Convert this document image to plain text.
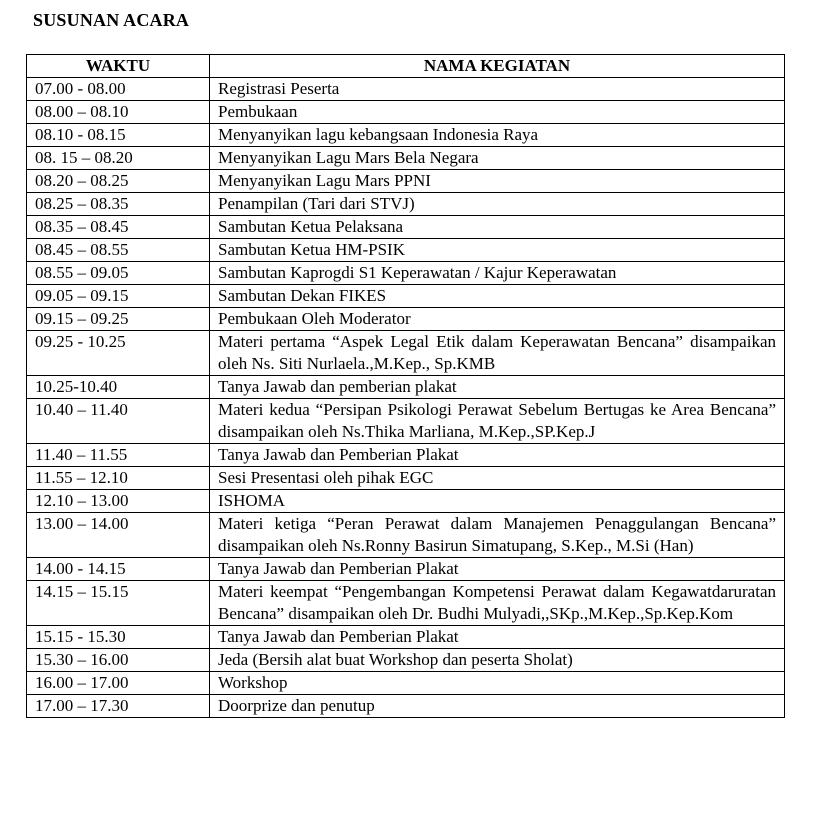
SUSUNAN ACARA
WAKTU	NAMA KEGIATAN
07.00 - 08.00	Registrasi Peserta
08.00 – 08.10	Pembukaan
08.10 - 08.15	Menyanyikan lagu kebangsaan Indonesia Raya
08. 15 – 08.20	Menyanyikan Lagu Mars Bela Negara
08.20 – 08.25	Menyanyikan Lagu Mars PPNI
08.25 – 08.35	Penampilan (Tari dari STVJ)
08.35 – 08.45	Sambutan Ketua Pelaksana
08.45 – 08.55	Sambutan Ketua HM-PSIK
08.55 – 09.05	Sambutan Kaprogdi S1 Keperawatan / Kajur Keperawatan
09.05 – 09.15	Sambutan Dekan FIKES
09.15 – 09.25	Pembukaan Oleh Moderator
09.25 - 10.25	Materi pertama “Aspek Legal Etik dalam Keperawatan Bencana” disampaikan oleh Ns. Siti Nurlaela.,M.Kep., Sp.KMB
10.25-10.40	Tanya Jawab dan pemberian plakat
10.40 – 11.40	Materi kedua “Persipan Psikologi Perawat Sebelum Bertugas ke Area Bencana” disampaikan oleh Ns.Thika Marliana, M.Kep.,SP.Kep.J
11.40 – 11.55	Tanya Jawab dan Pemberian Plakat
11.55 – 12.10	Sesi Presentasi oleh pihak EGC
12.10 – 13.00	ISHOMA
13.00 – 14.00	Materi ketiga “Peran Perawat dalam Manajemen Penaggulangan Bencana” disampaikan oleh Ns.Ronny Basirun Simatupang, S.Kep., M.Si (Han)
14.00 - 14.15	Tanya Jawab dan Pemberian Plakat
14.15 – 15.15	Materi keempat “Pengembangan Kompetensi Perawat dalam Kegawatdaruratan Bencana” disampaikan oleh Dr. Budhi Mulyadi,,SKp.,M.Kep.,Sp.Kep.Kom
15.15 - 15.30	Tanya Jawab dan Pemberian Plakat
15.30 – 16.00	Jeda (Bersih alat buat Workshop dan peserta Sholat)
16.00 – 17.00	Workshop
17.00 – 17.30	Doorprize dan penutup
